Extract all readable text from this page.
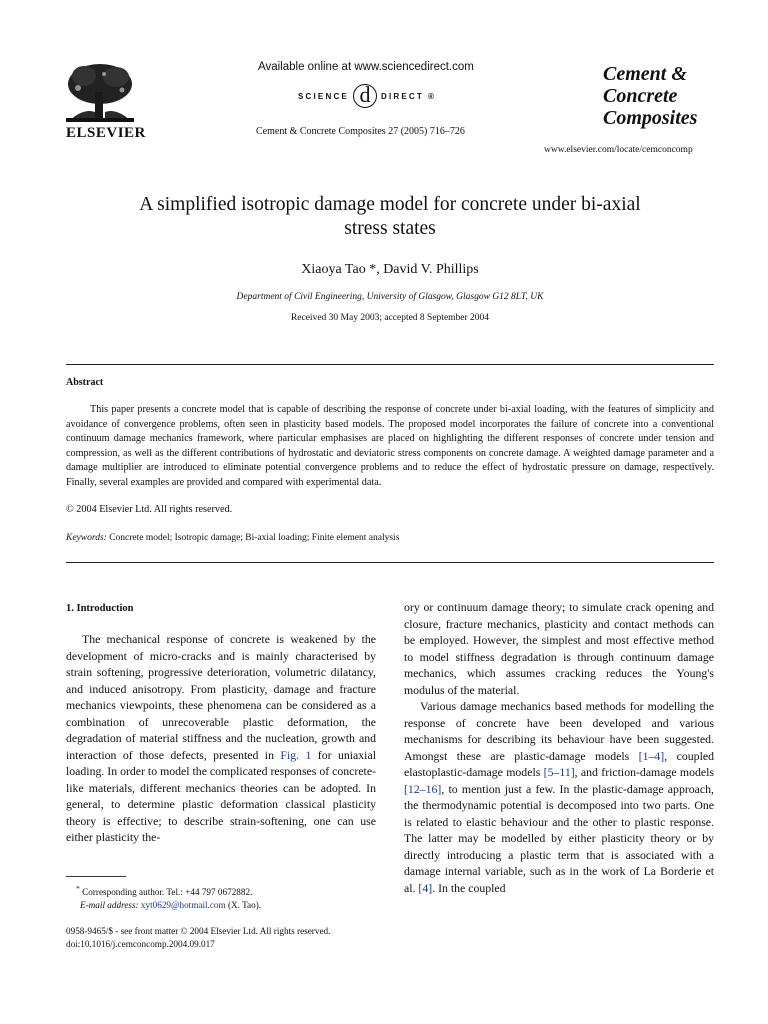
ELSEVIER
Available online at www.sciencedirect.com
SCIENCE d	DIRECT ®
Cement & Concrete Composites 27 (2005) 716–726
Cement &
Concrete
Composites
www.elsevier.com/locate/cemconcomp
A simplified isotropic damage model for concrete under bi-axial
stress states
Xiaoya Tao *, David V. Phillips
Department of Civil Engineering, University of Glasgow, Glasgow G12 8LT, UK
Received 30 May 2003; accepted 8 September 2004
Abstract

This paper presents a concrete model that is capable of describing the response of concrete under bi-axial loading, with the features of simplicity and avoidance of convergence problems, often seen in plasticity based models. The proposed model incorporates the failure of concrete into a conventional continuum damage mechanics framework, where particular emphasises are placed on highlighting the different responses of concrete under tension and compression, as well as the different contributions of hydrostatic and deviatoric stress components on concrete damage. A weighted damage parameter and a damage multiplier are introduced to eliminate potential convergence problems and to reduce the effect of hydrostatic pressure on damage, respectively. Finally, several examples are provided and compared with experimental data.

© 2004 Elsevier Ltd. All rights reserved.
Keywords: Concrete model; Isotropic damage; Bi-axial loading; Finite element analysis
1. Introduction

The mechanical response of concrete is weakened by the development of micro-cracks and is mainly characterised by strain softening, progressive deterioration, volumetric dilatancy, and induced anisotropy. From plasticity, damage and fracture mechanics viewpoints, these phenomena can be considered as a combination of unrecoverable plastic deformation, the degradation of material stiffness and the nucleation, growth and interaction of those defects, presented in Fig. 1 for uniaxial loading. In order to model the complicated responses of concrete-like materials, different mechanics theories can be adopted. In general, to determine plastic deformation classical plasticity theory is effective; to describe strain-softening, one can use either plasticity the-

* Corresponding author. Tel.: +44 797 0672882.
E-mail address: xyt0629@hotmail.com (X. Tao).
0958-9465/$ - see front matter © 2004 Elsevier Ltd. All rights reserved.
doi:10.1016/j.cemconcomp.2004.09.017

ory or continuum damage theory; to simulate crack opening and closure, fracture mechanics, plasticity and contact methods can be employed. However, the simplest and most effective method to model stiffness degradation is through continuum damage mechanics, which assumes cracking reduces the Young's modulus of the material.

Various damage mechanics based methods for modelling the response of concrete have been developed and various mechanisms for describing its behaviour have been suggested. Amongst these are plastic-damage models [1–4], coupled elastoplastic-damage models [5–11], and friction-damage models [12–16], to mention just a few. In the plastic-damage approach, the thermodynamic potential is decomposed into two parts. One is related to elastic behaviour and the other to plastic response. The latter may be modelled by either plasticity theory or by directly introducing a plastic term that is associated with a damage internal variable, such as in the work of La Borderie et al. [4]. In the coupled
